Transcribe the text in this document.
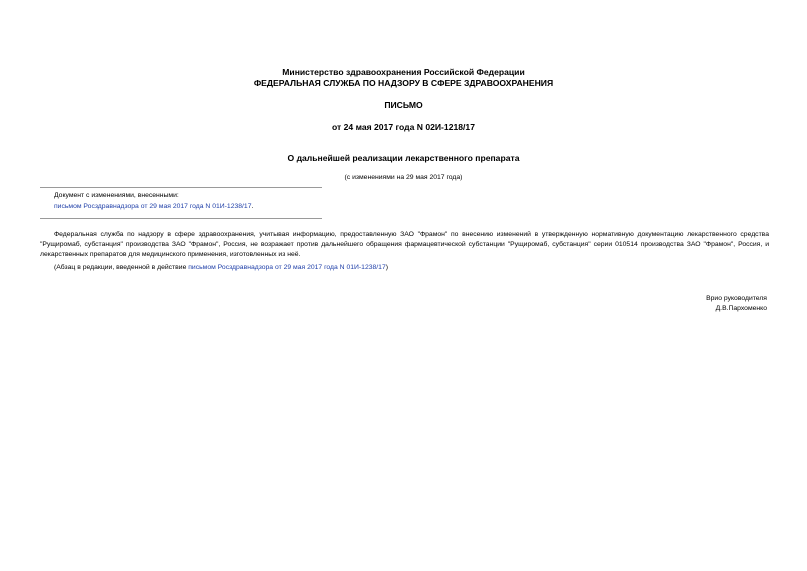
Министерство здравоохранения Российской Федерации
ФЕДЕРАЛЬНАЯ СЛУЖБА ПО НАДЗОРУ В СФЕРЕ ЗДРАВООХРАНЕНИЯ
ПИСЬМО
от 24 мая 2017 года N 02И-1218/17
О дальнейшей реализации лекарственного препарата
(с изменениями на 29 мая 2017 года)
Документ с изменениями, внесенными:
письмом Росздравнадзора от 29 мая 2017 года N 01И-1238/17.
Федеральная служба по надзору в сфере здравоохранения, учитывая информацию, предоставленную ЗАО "Фрамон" по внесению изменений в утвержденную нормативную документацию лекарственного средства "Рущиромаб, субстанция" производства ЗАО "Фрамон", Россия, не возражает против дальнейшего обращения фармацевтической субстанции "Рущиромаб, субстанция" серии 010514 производства ЗАО "Фрамон", Россия, и лекарственных препаратов для медицинского применения, изготовленных из неё.
(Абзац в редакции, введенной в действие письмом Росздравнадзора от 29 мая 2017 года N 01И-1238/17)
Врио руководителя
Д.В.Пархоменко
